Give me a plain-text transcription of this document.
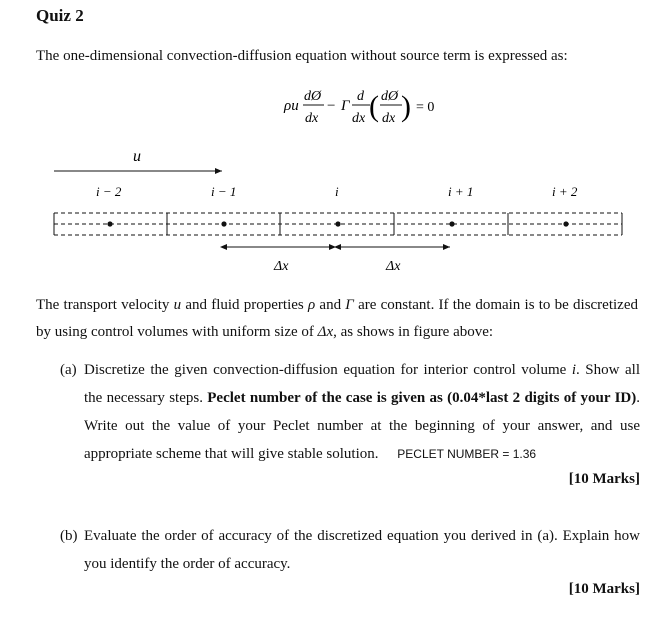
Quiz 2
The one-dimensional convection-diffusion equation without source term is expressed as:
ρu
dØ
dx
− Γ
d
dx ( dØ
dx ) = 0
u
i − 2	i − 1	i	i + 1	i + 2
Δx	Δx
The transport velocity u and fluid properties ρ and Γ are constant. If the domain is to be discretized by using control volumes with uniform size of Δx, as shows in figure above:
(a) Discretize the given convection-diffusion equation for interior control volume i. Show all the necessary steps. Peclet number of the case is given as (0.04*last 2 digits of your ID). Write out the value of your Peclet number at the beginning of your answer, and use appropriate scheme that will give stable solution. PECLET NUMBER = 1.36
[10 Marks]
(b) Evaluate the order of accuracy of the discretized equation you derived in (a). Explain how you identify the order of accuracy.
[10 Marks]
